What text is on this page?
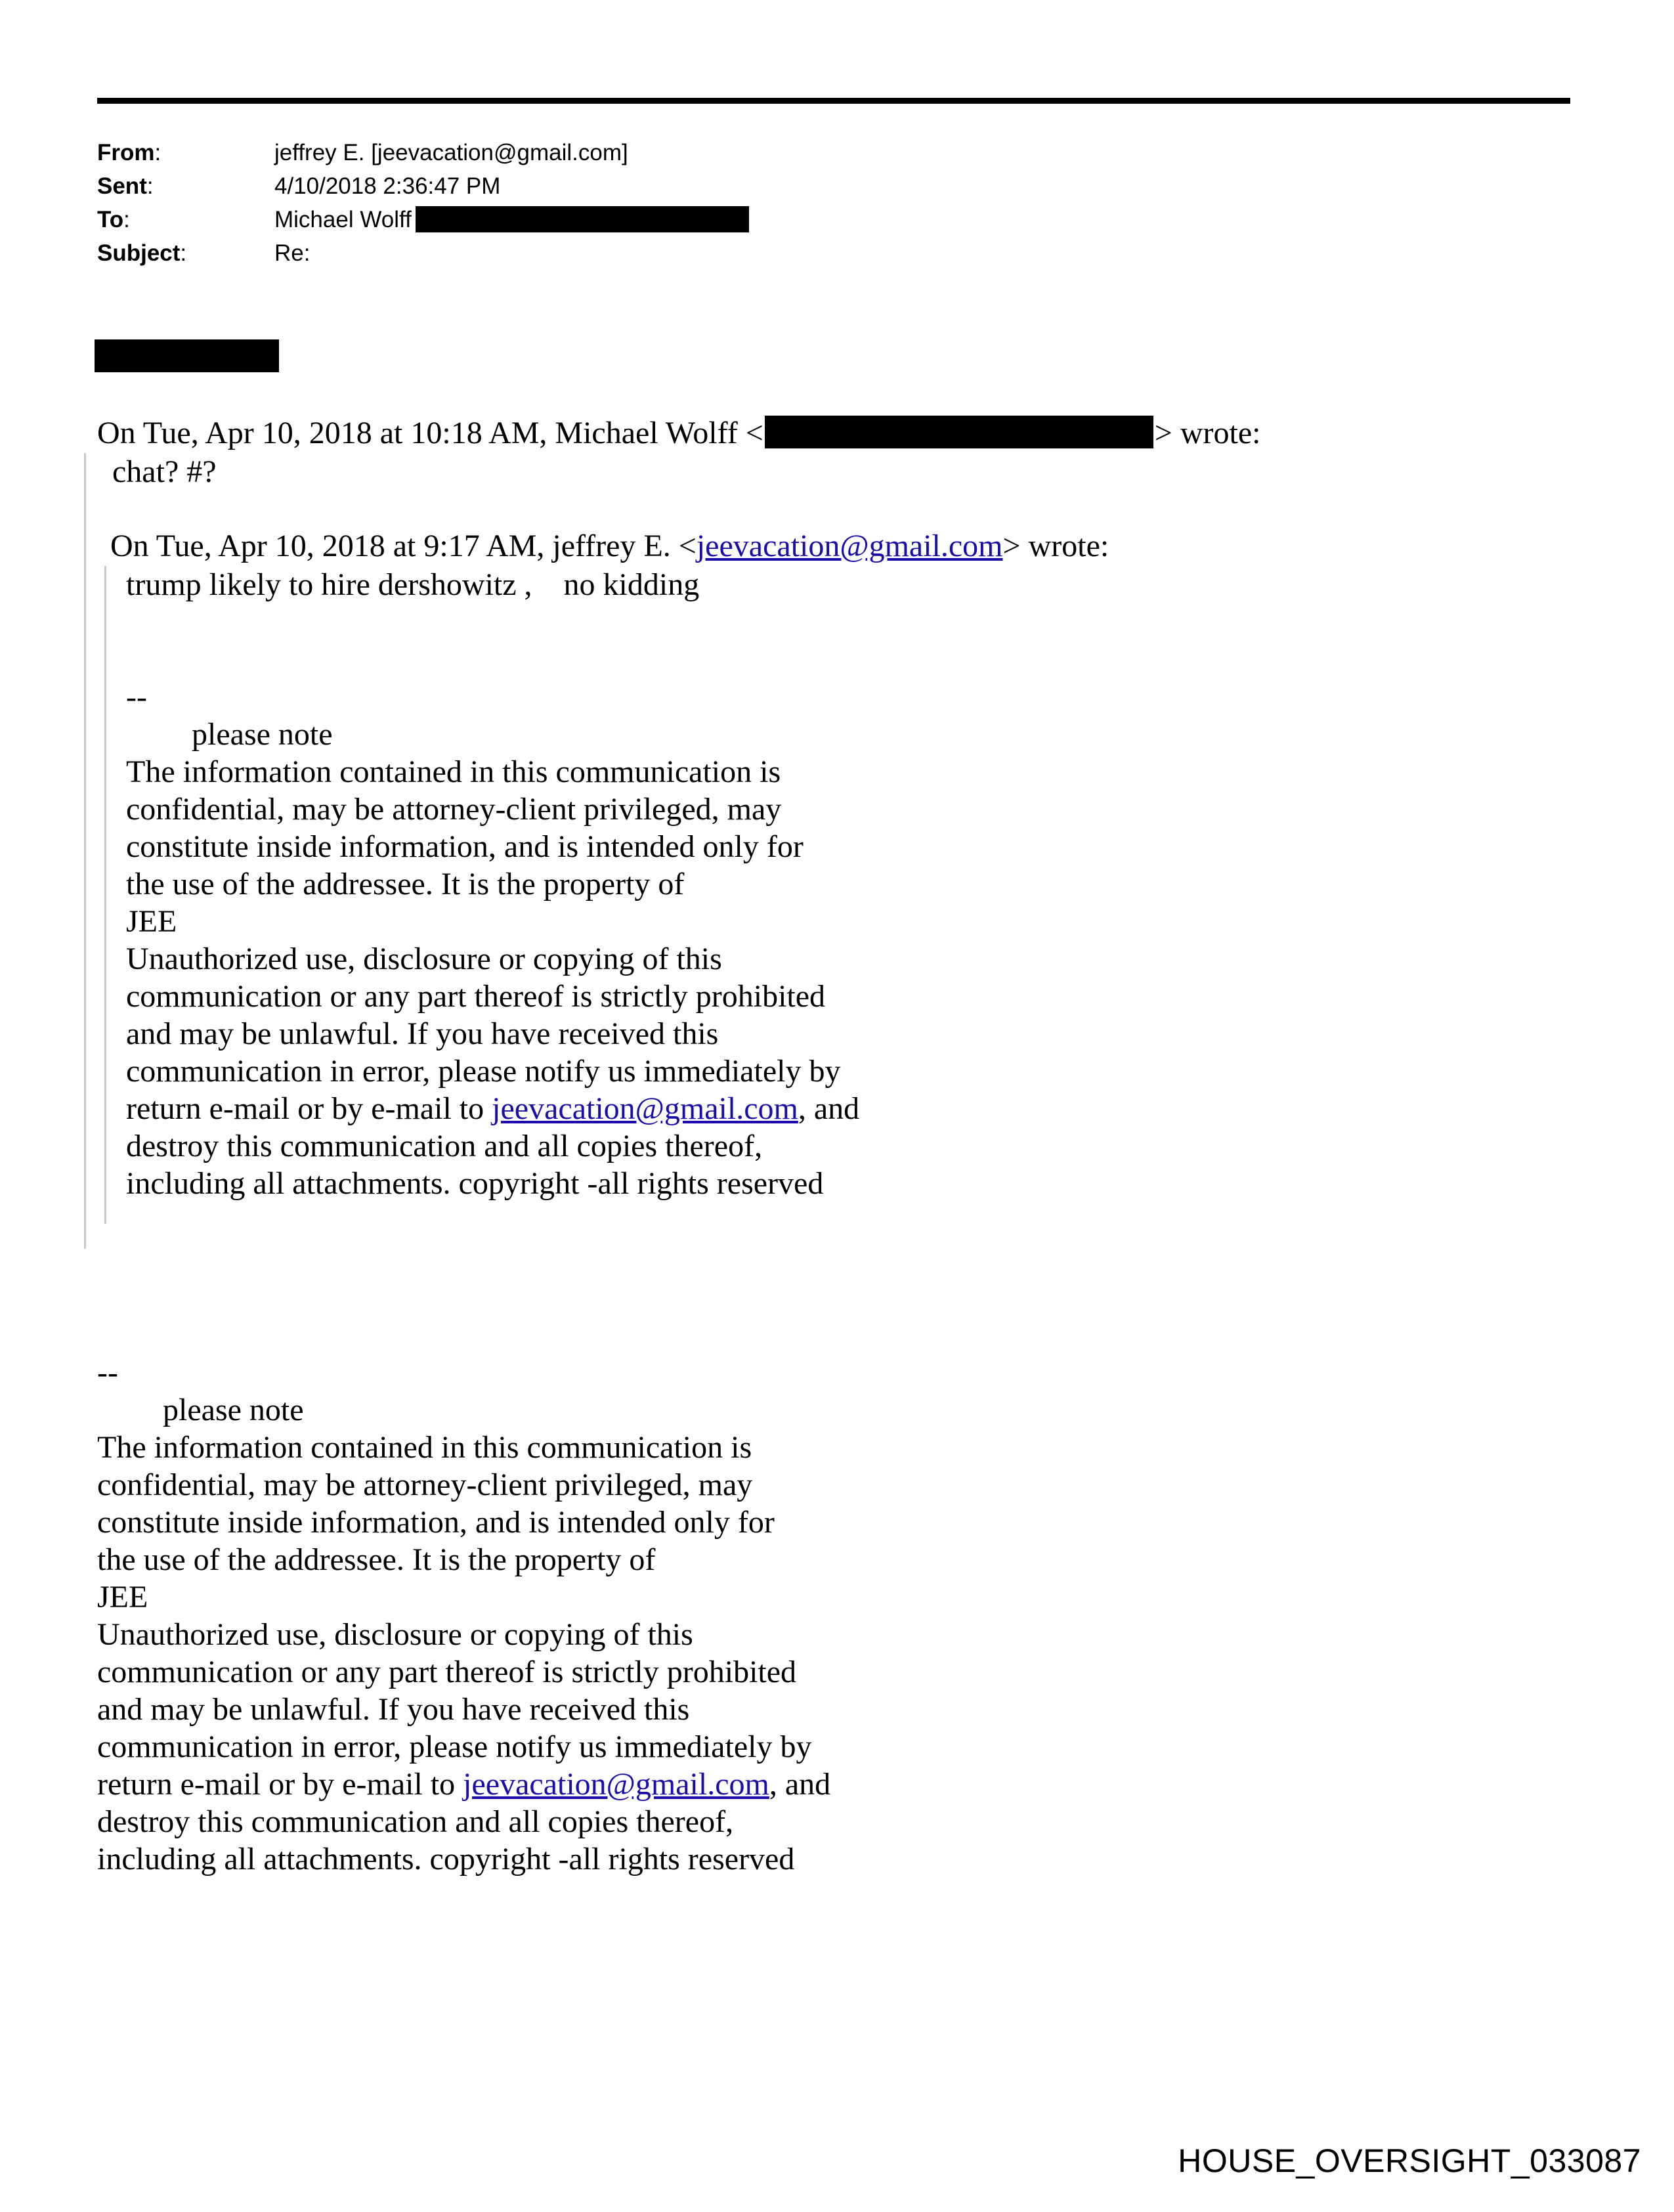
From:	jeffrey E. [jeevacation@gmail.com]
Sent:	4/10/2018 2:36:47 PM
To:	Michael Wolff
Subject:	Re:
On Tue, Apr 10, 2018 at 10:18 AM, Michael Wolff <	> wrote:
chat? #?
On Tue, Apr 10, 2018 at 9:17 AM, jeffrey E. <jeevacation@gmail.com> wrote:
trump likely to hire dershowitz ,    no kidding
--
please note
The information contained in this communication is
confidential, may be attorney-client privileged, may
constitute inside information, and is intended only for
the use of the addressee. It is the property of
JEE
Unauthorized use, disclosure or copying of this
communication or any part thereof is strictly prohibited
and may be unlawful. If you have received this
communication in error, please notify us immediately by
return e-mail or by e-mail to jeevacation@gmail.com, and
destroy this communication and all copies thereof,
including all attachments. copyright -all rights reserved
--
please note
The information contained in this communication is
confidential, may be attorney-client privileged, may
constitute inside information, and is intended only for
the use of the addressee. It is the property of
JEE
Unauthorized use, disclosure or copying of this
communication or any part thereof is strictly prohibited
and may be unlawful. If you have received this
communication in error, please notify us immediately by
return e-mail or by e-mail to jeevacation@gmail.com, and
destroy this communication and all copies thereof,
including all attachments. copyright -all rights reserved
HOUSE_OVERSIGHT_033087
